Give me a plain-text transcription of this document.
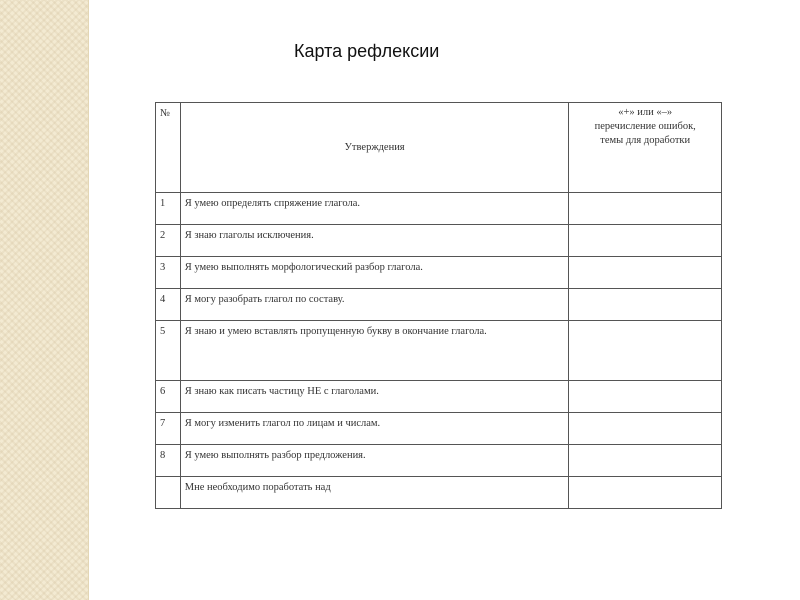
Карта рефлексии
№	Утверждения	«+» или «–»
перечисление ошибок,
темы для доработки

1	Я умею определять спряжение глагола.	
2	Я знаю глаголы исключения.	
3	Я умею выполнять морфологический разбор глагола.	
4	Я могу разобрать глагол по составу.	
5	Я знаю и умею вставлять пропущенную букву в окончание глагола.	
6	Я знаю как писать частицу НЕ с глаголами.	
7	Я могу изменить глагол по лицам и числам.	
8	Я умею выполнять разбор предложения.	
	Мне необходимо поработать над	
